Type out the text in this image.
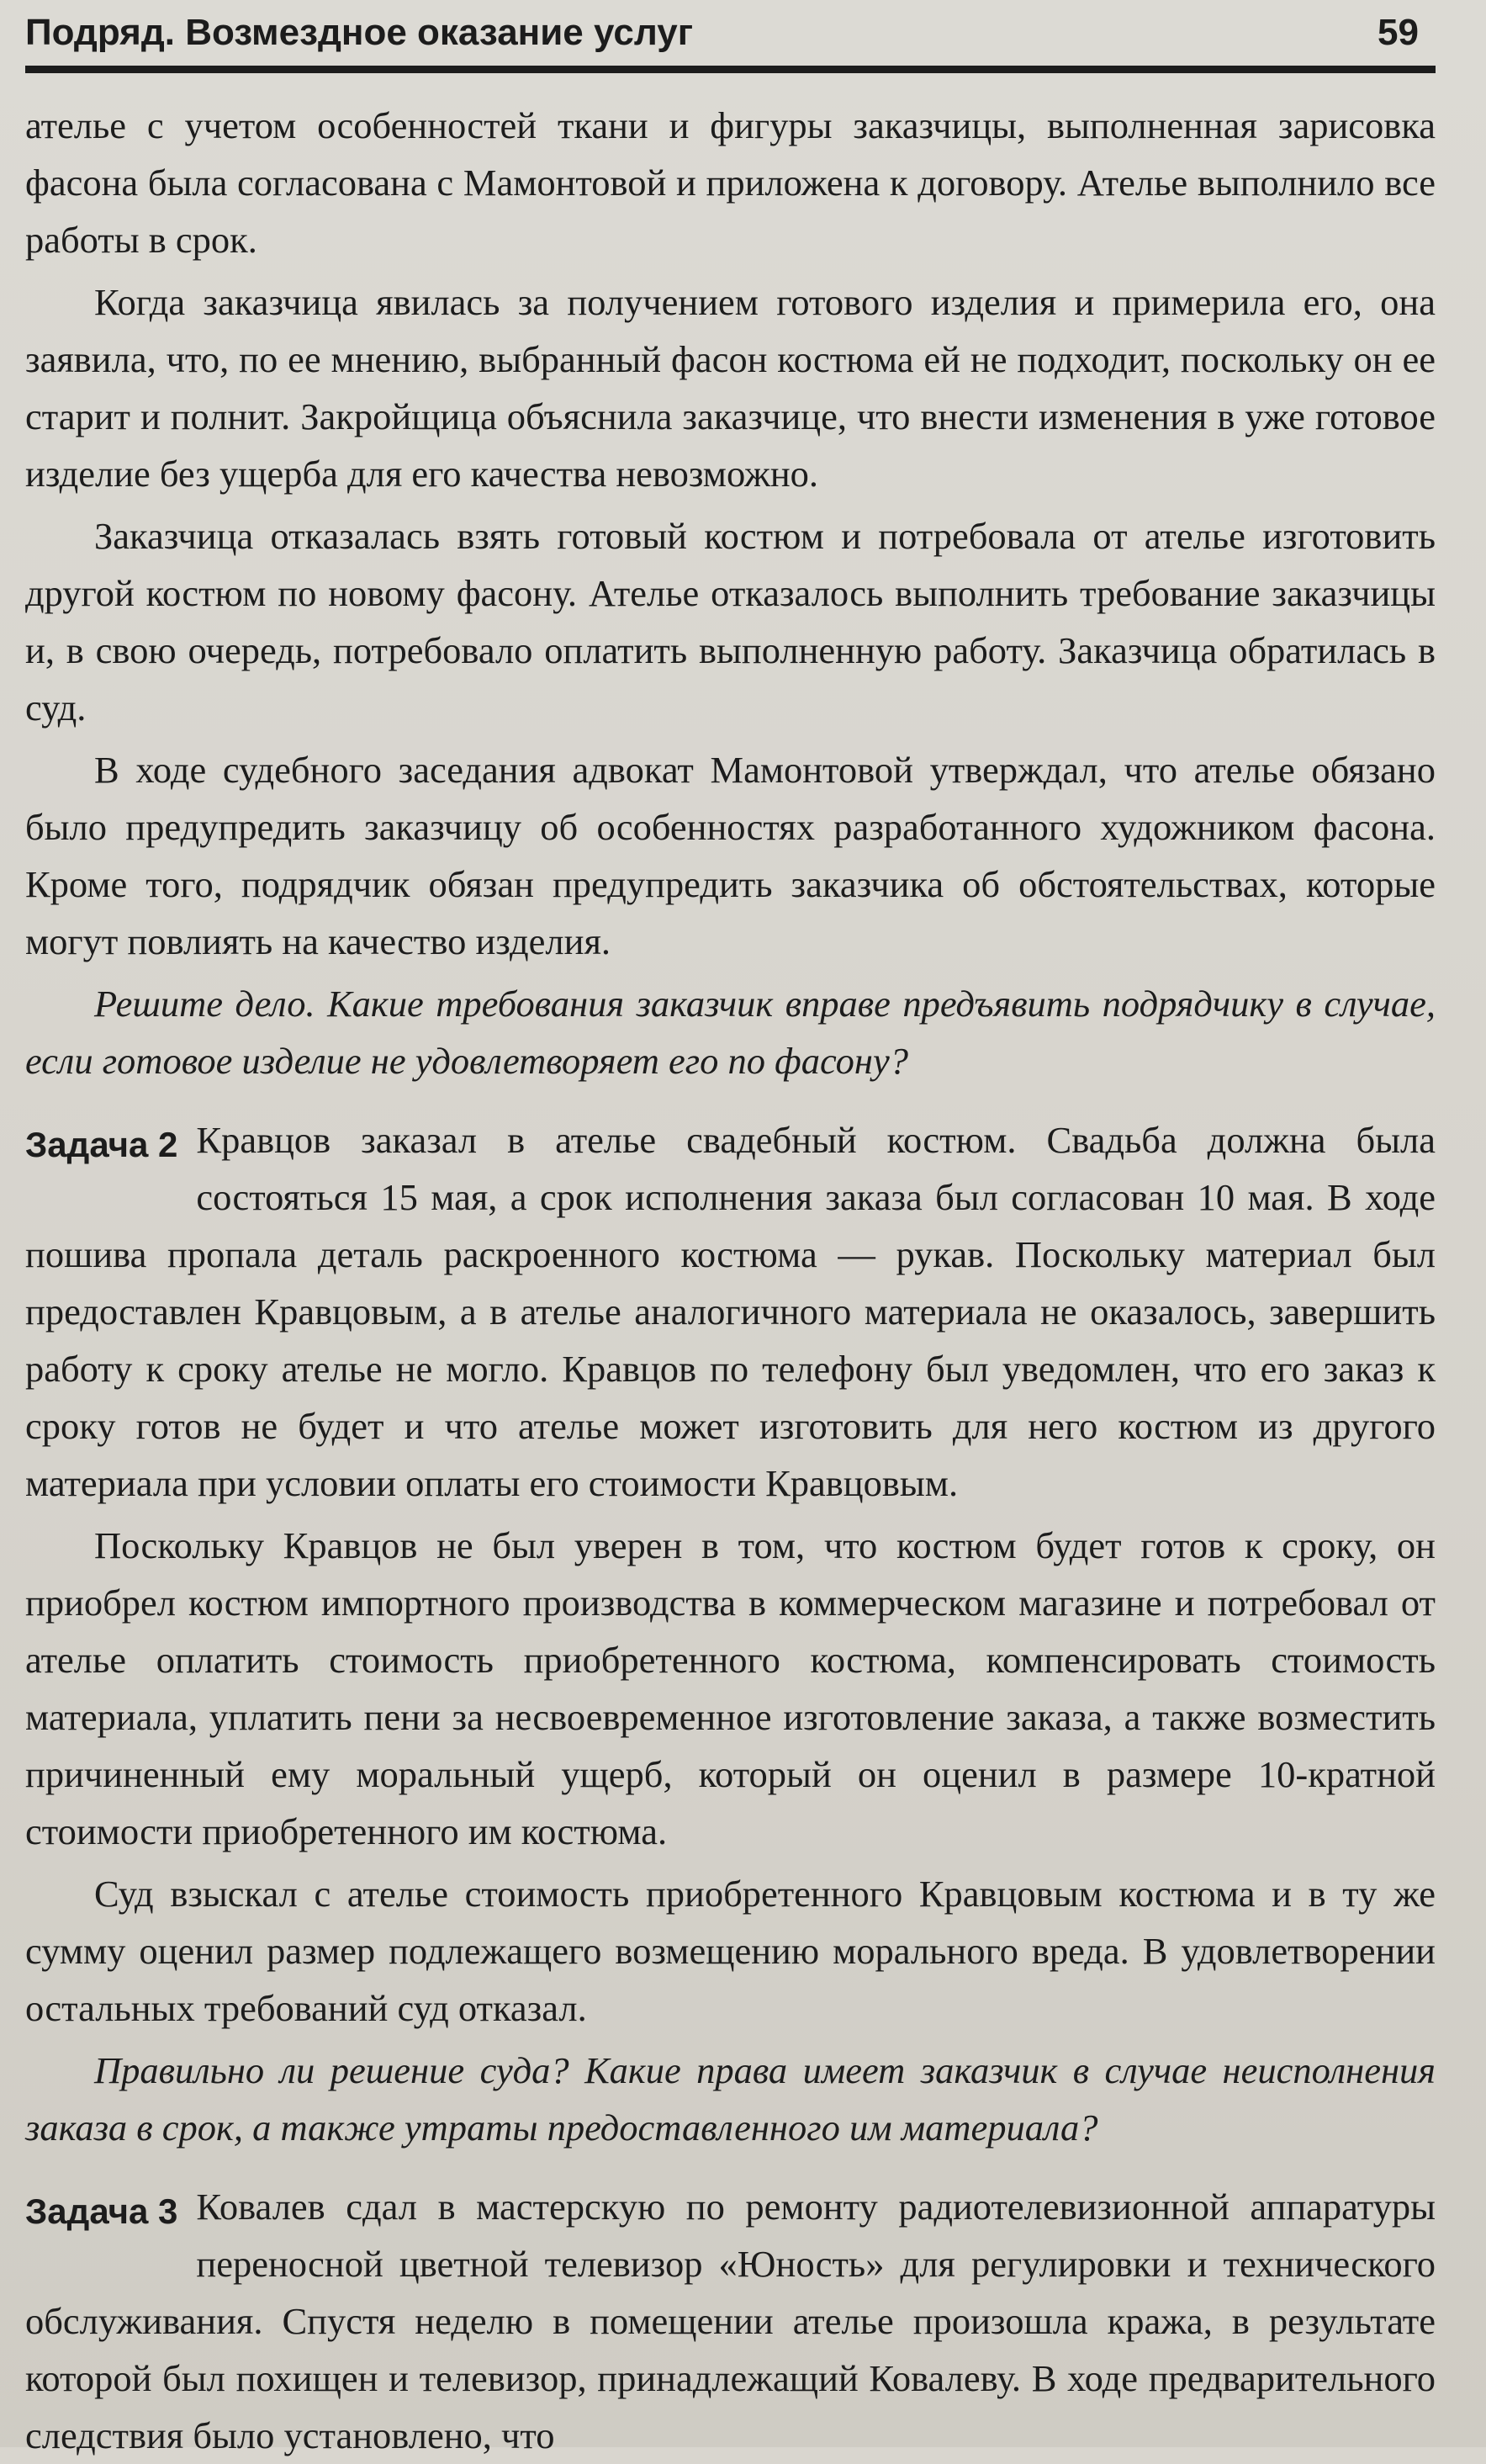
Подряд. Возмездное оказание услуг	59

ателье с учетом особенностей ткани и фигуры заказчицы, выполненная зарисовка фасона была согласована с Мамонтовой и приложена к договору. Ателье выполнило все работы в срок.

Когда заказчица явилась за получением готового изделия и примерила его, она заявила, что, по ее мнению, выбранный фасон костюма ей не подходит, поскольку он ее старит и полнит. Закройщица объяснила заказчице, что внести изменения в уже готовое изделие без ущерба для его качества невозможно.

Заказчица отказалась взять готовый костюм и потребовала от ателье изготовить другой костюм по новому фасону. Ателье отказалось выполнить требование заказчицы и, в свою очередь, потребовало оплатить выполненную работу. Заказчица обратилась в суд.

В ходе судебного заседания адвокат Мамонтовой утверждал, что ателье обязано было предупредить заказчицу об особенностях разработанного художником фасона. Кроме того, подрядчик обязан предупредить заказчика об обстоятельствах, которые могут повлиять на качество изделия.

Решите дело. Какие требования заказчик вправе предъявить подрядчику в случае, если готовое изделие не удовлетворяет его по фасону?

Задача 2 Кравцов заказал в ателье свадебный костюм. Свадьба должна была состояться 15 мая, а срок исполнения заказа был согласован 10 мая. В ходе пошива пропала деталь раскроенного костюма — рукав. Поскольку материал был предоставлен Кравцовым, а в ателье аналогичного материала не оказалось, завершить работу к сроку ателье не могло. Кравцов по телефону был уведомлен, что его заказ к сроку готов не будет и что ателье может изготовить для него костюм из другого материала при условии оплаты его стоимости Кравцовым.

Поскольку Кравцов не был уверен в том, что костюм будет готов к сроку, он приобрел костюм импортного производства в коммерческом магазине и потребовал от ателье оплатить стоимость приобретенного костюма, компенсировать стоимость материала, уплатить пени за несвоевременное изготовление заказа, а также возместить причиненный ему моральный ущерб, который он оценил в размере 10-кратной стоимости приобретенного им костюма.

Суд взыскал с ателье стоимость приобретенного Кравцовым костюма и в ту же сумму оценил размер подлежащего возмещению морального вреда. В удовлетворении остальных требований суд отказал.

Правильно ли решение суда? Какие права имеет заказчик в случае неисполнения заказа в срок, а также утраты предоставленного им материала?

Задача 3 Ковалев сдал в мастерскую по ремонту радиотелевизионной аппаратуры переносной цветной телевизор «Юность» для регулировки и технического обслуживания. Спустя неделю в помещении ателье произошла кража, в результате которой был похищен и телевизор, принадлежащий Ковалеву. В ходе предварительного следствия было установлено, что
